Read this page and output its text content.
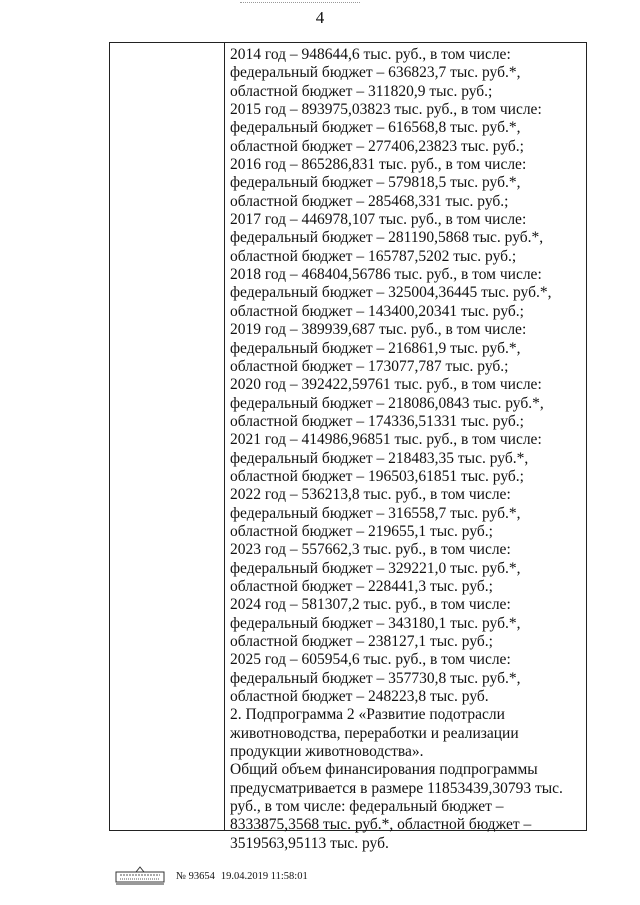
4
2014 год – 948644,6 тыс. руб., в том числе:
федеральный бюджет – 636823,7 тыс. руб.*,
областной бюджет – 311820,9 тыс. руб.;
2015 год – 893975,03823 тыс. руб., в том числе:
федеральный бюджет – 616568,8 тыс. руб.*,
областной бюджет – 277406,23823 тыс. руб.;
2016 год – 865286,831 тыс. руб., в том числе:
федеральный бюджет – 579818,5 тыс. руб.*,
областной бюджет – 285468,331 тыс. руб.;
2017 год – 446978,107 тыс. руб., в том числе:
федеральный бюджет – 281190,5868 тыс. руб.*,
областной бюджет – 165787,5202 тыс. руб.;
2018 год – 468404,56786 тыс. руб., в том числе:
федеральный бюджет – 325004,36445 тыс. руб.*,
областной бюджет – 143400,20341 тыс. руб.;
2019 год – 389939,687 тыс. руб., в том числе:
федеральный бюджет – 216861,9 тыс. руб.*,
областной бюджет – 173077,787 тыс. руб.;
2020 год – 392422,59761 тыс. руб., в том числе:
федеральный бюджет – 218086,0843 тыс. руб.*,
областной бюджет – 174336,51331 тыс. руб.;
2021 год – 414986,96851 тыс. руб., в том числе:
федеральный бюджет – 218483,35 тыс. руб.*,
областной бюджет – 196503,61851 тыс. руб.;
2022 год – 536213,8 тыс. руб., в том числе:
федеральный бюджет – 316558,7 тыс. руб.*,
областной бюджет – 219655,1 тыс. руб.;
2023 год – 557662,3 тыс. руб., в том числе:
федеральный бюджет – 329221,0 тыс. руб.*,
областной бюджет – 228441,3 тыс. руб.;
2024 год – 581307,2 тыс. руб., в том числе:
федеральный бюджет – 343180,1 тыс. руб.*,
областной бюджет – 238127,1 тыс. руб.;
2025 год – 605954,6 тыс. руб., в том числе:
федеральный бюджет – 357730,8 тыс. руб.*,
областной бюджет – 248223,8 тыс. руб.
2. Подпрограмма 2 «Развитие подотрасли животноводства, переработки и реализации продукции животноводства».
Общий объем финансирования подпрограммы предусматривается в размере 11853439,30793 тыс. руб., в том числе: федеральный бюджет – 8333875,3568 тыс. руб.*, областной бюджет – 3519563,95113 тыс. руб.
№ 93654 19.04.2019 11:58:01
